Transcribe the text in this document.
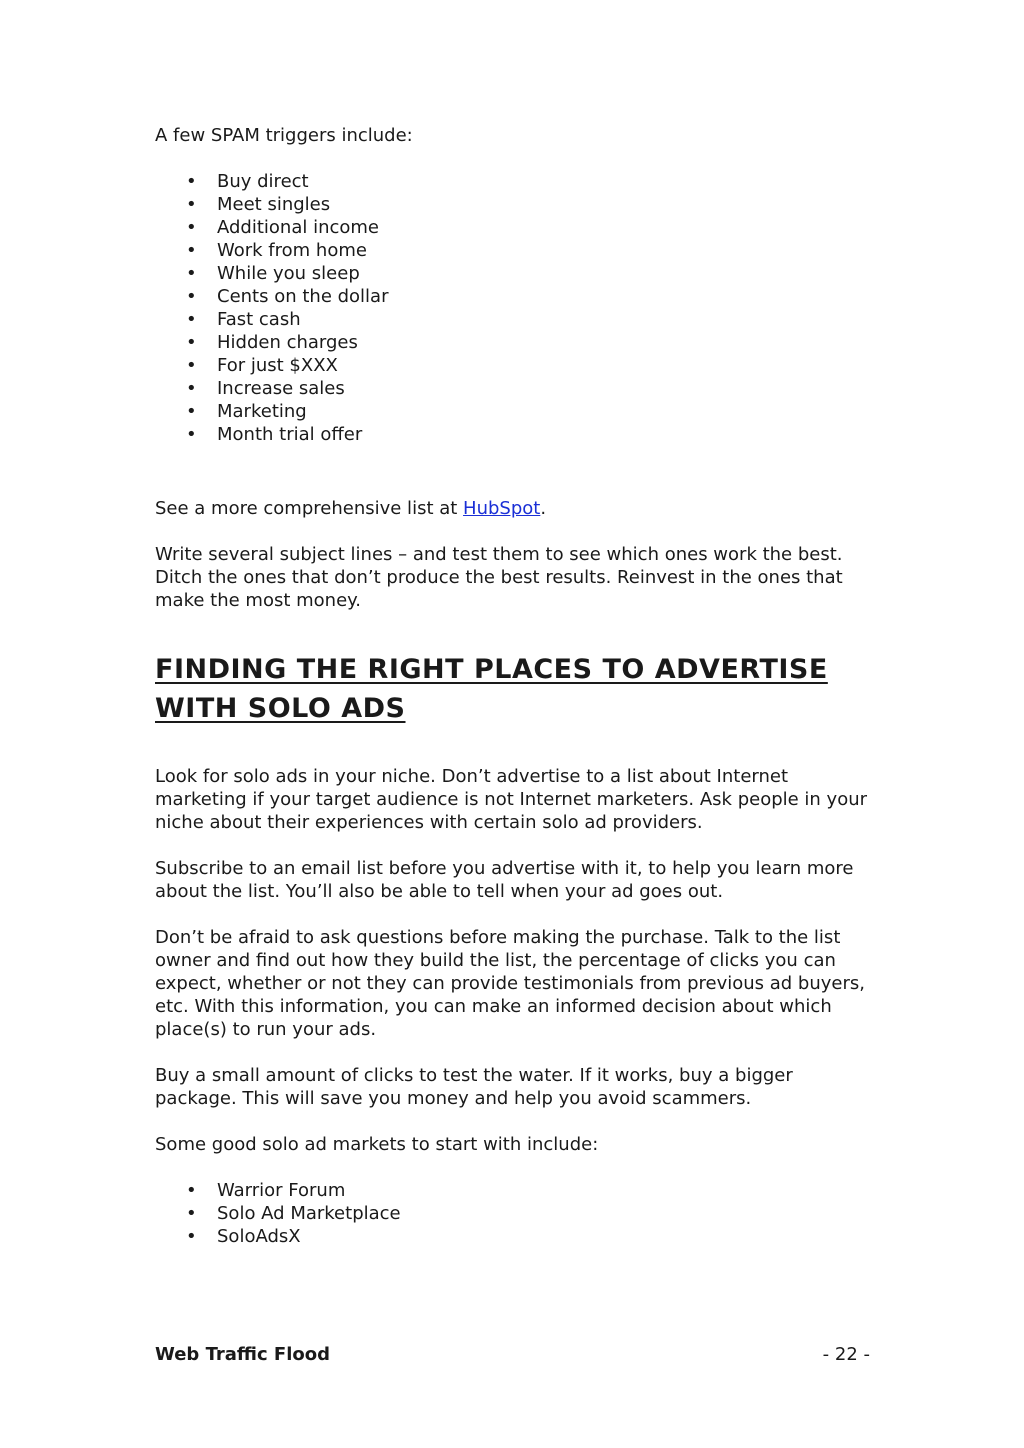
A few SPAM triggers include:

• Buy direct
• Meet singles
• Additional income
• Work from home
• While you sleep
• Cents on the dollar
• Fast cash
• Hidden charges
• For just $XXX
• Increase sales
• Marketing
• Month trial offer

See a more comprehensive list at HubSpot.

Write several subject lines – and test them to see which ones work the best. Ditch the ones that don’t produce the best results. Reinvest in the ones that make the most money.

FINDING THE RIGHT PLACES TO ADVERTISE
WITH SOLO ADS

Look for solo ads in your niche. Don’t advertise to a list about Internet marketing if your target audience is not Internet marketers. Ask people in your niche about their experiences with certain solo ad providers.

Subscribe to an email list before you advertise with it, to help you learn more about the list. You’ll also be able to tell when your ad goes out.

Don’t be afraid to ask questions before making the purchase. Talk to the list owner and find out how they build the list, the percentage of clicks you can expect, whether or not they can provide testimonials from previous ad buyers, etc. With this information, you can make an informed decision about which place(s) to run your ads.

Buy a small amount of clicks to test the water. If it works, buy a bigger package. This will save you money and help you avoid scammers.

Some good solo ad markets to start with include:

• Warrior Forum
• Solo Ad Marketplace
• SoloAdsX
Web Traffic Flood	- 22 -
